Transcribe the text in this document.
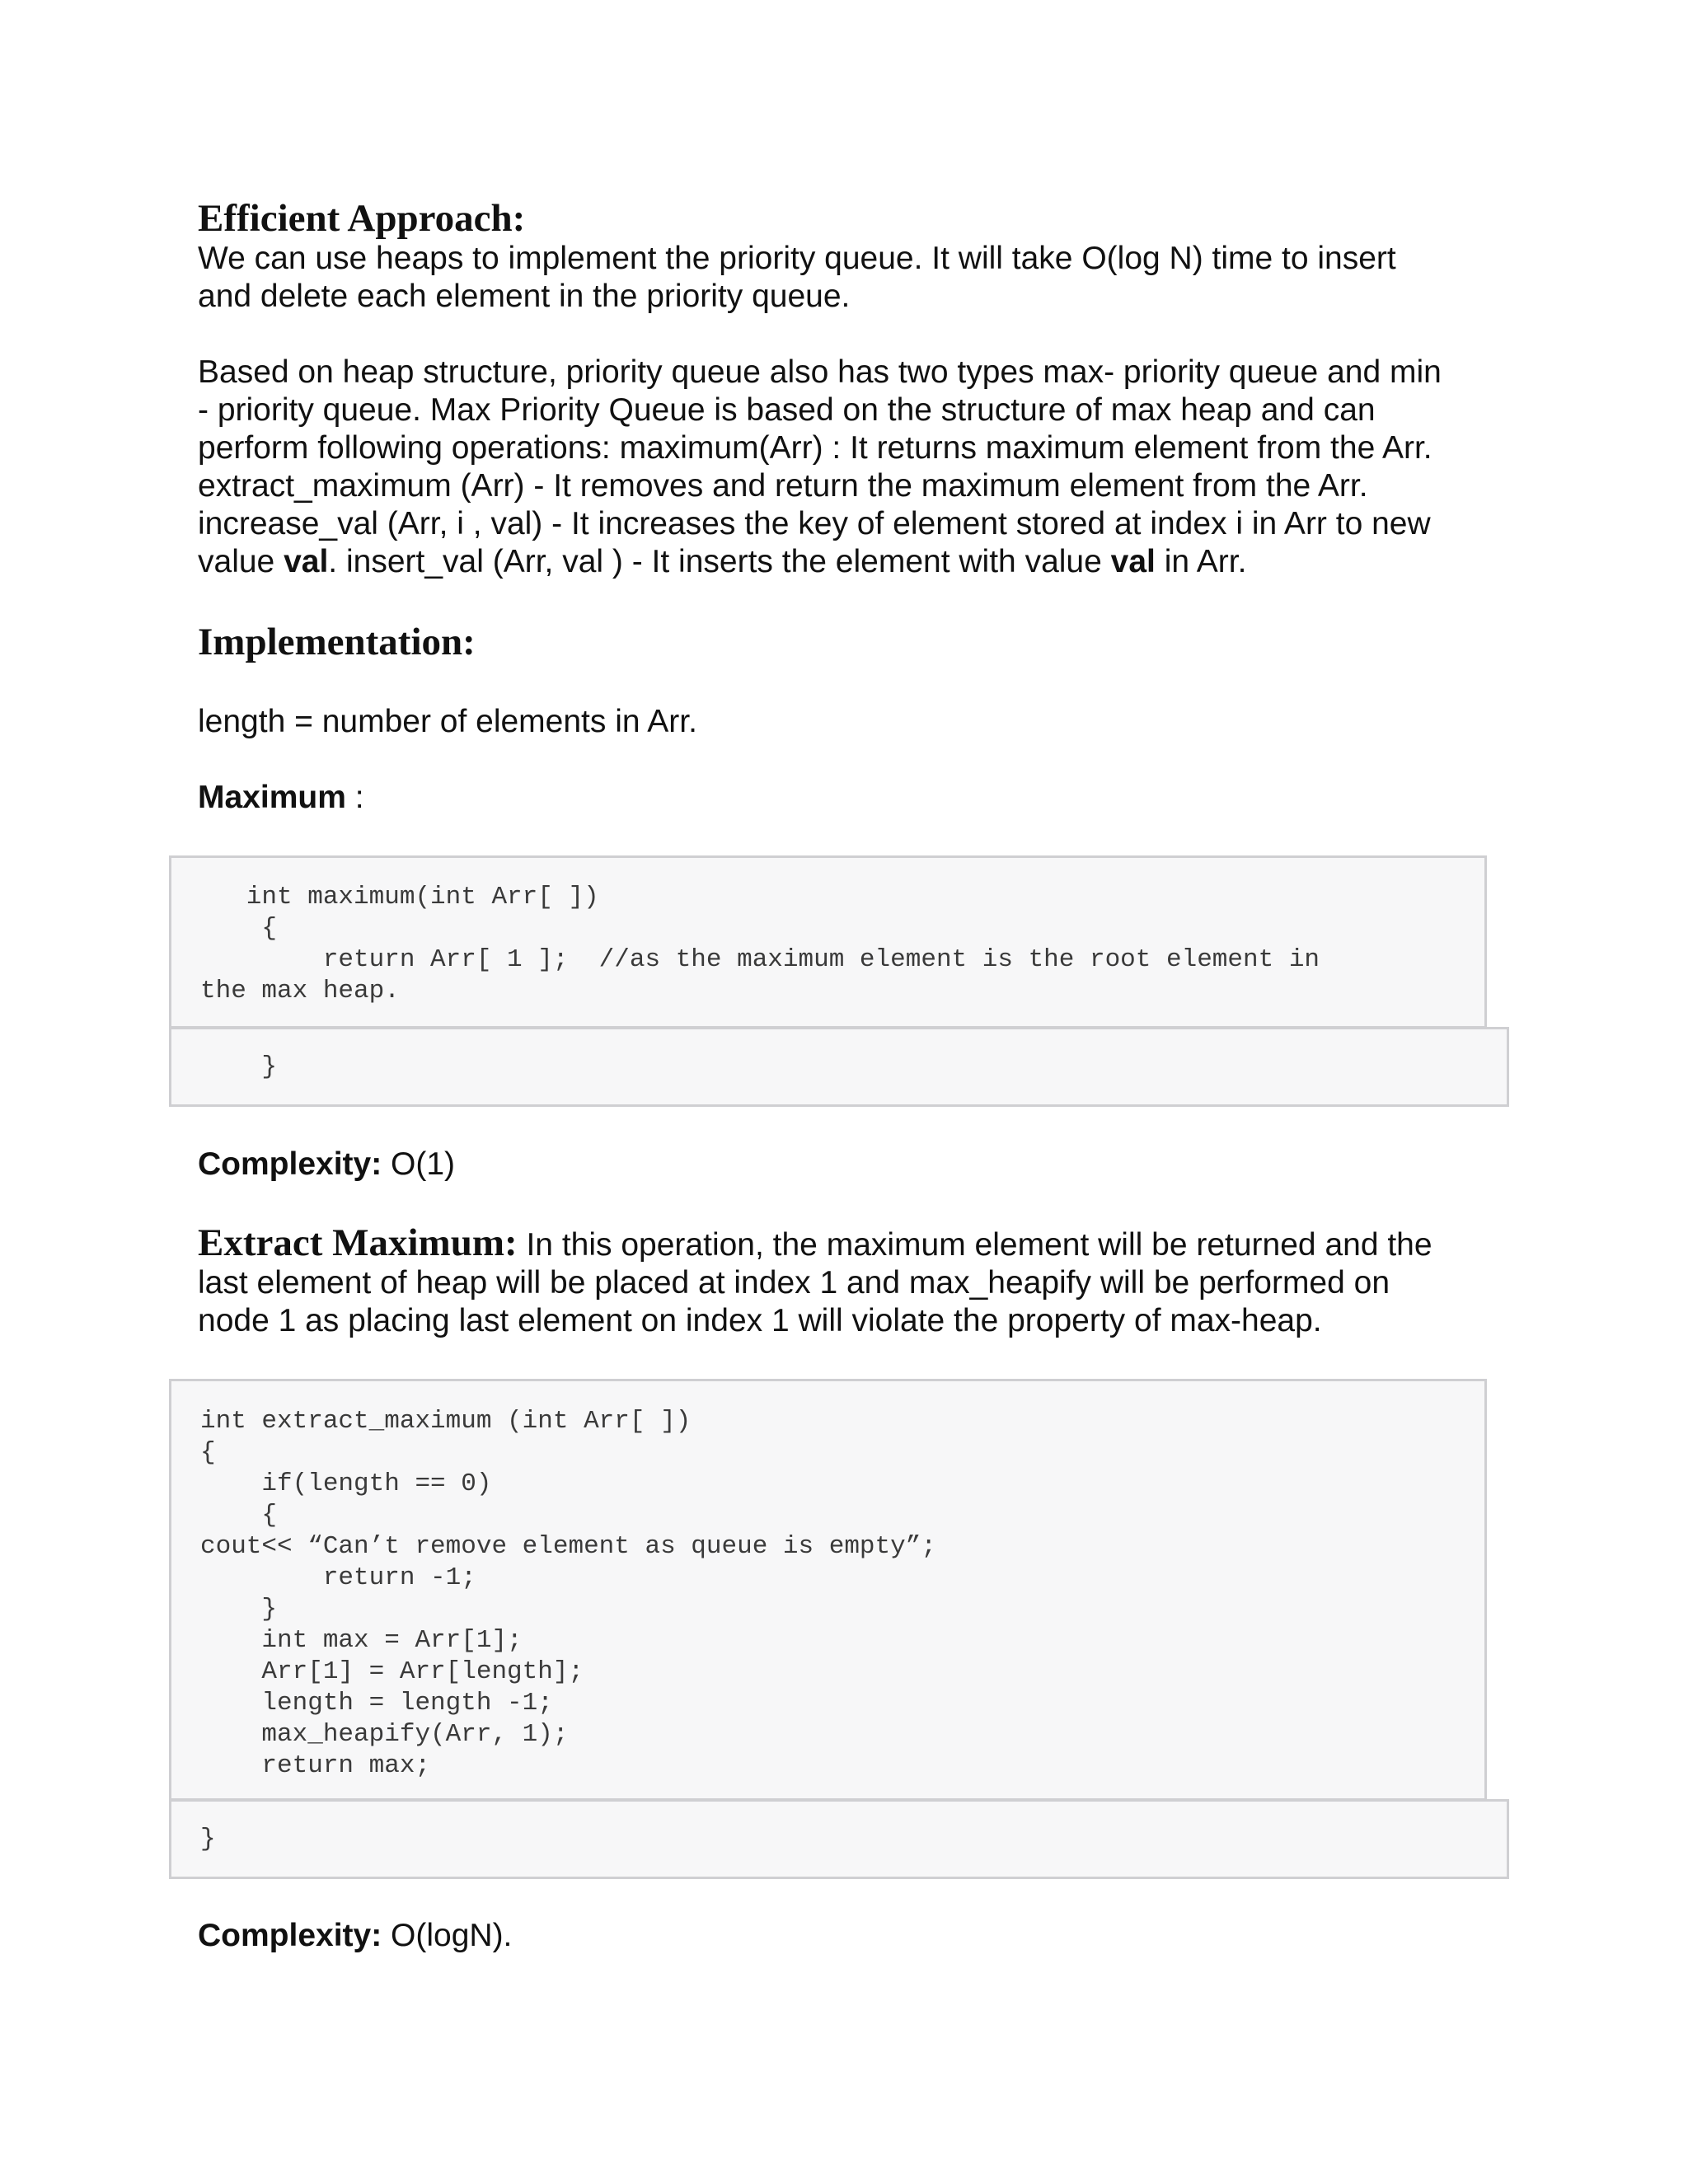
Efficient Approach:
We can use heaps to implement the priority queue. It will take O(log N) time to insert
and delete each element in the priority queue.
Based on heap structure, priority queue also has two types max- priority queue and min
- priority queue. Max Priority Queue is based on the structure of max heap and can
perform following operations: maximum(Arr) : It returns maximum element from the Arr.
extract_maximum (Arr) - It removes and return the maximum element from the Arr.
increase_val (Arr, i , val) - It increases the key of element stored at index i in Arr to new
value val. insert_val (Arr, val ) - It inserts the element with value val in Arr.
Implementation:
length = number of elements in Arr.
Maximum :
int maximum(int Arr[ ])
{
return Arr[ 1 ];  //as the maximum element is the root element in
the max heap.
}
Complexity: O(1)
Extract Maximum: In this operation, the maximum element will be returned and the
last element of heap will be placed at index 1 and max_heapify will be performed on
node 1 as placing last element on index 1 will violate the property of max-heap.
int extract_maximum (int Arr[ ])
{
if(length == 0)
{
cout<< “Can’t remove element as queue is empty”;
return -1;
}
int max = Arr[1];
Arr[1] = Arr[length];
length = length -1;
max_heapify(Arr, 1);
return max;
}
Complexity: O(logN).
